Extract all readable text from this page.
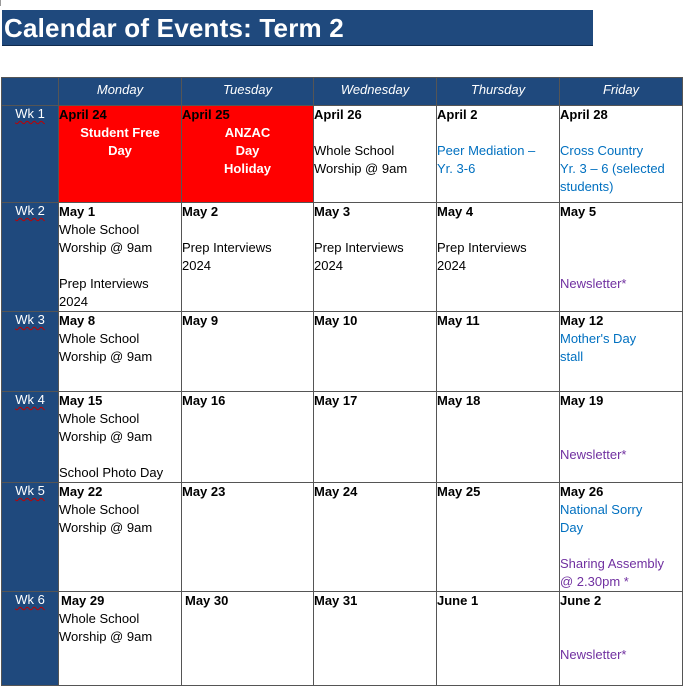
Calendar of Events: Term 2
	Monday	Tuesday	Wednesday	Thursday	Friday
Wk 1	April 24
Student Free
Day	April 25
ANZAC
Day
Holiday	April 26
Whole School
Worship @ 9am	April 2
Peer Mediation –
Yr. 3-6	April 28
Cross Country
Yr. 3 – 6 (selected
students)

Wk 2	May 1
Whole School
Worship @ 9am
Prep Interviews
2024	May 2
Prep Interviews
2024	May 3
Prep Interviews
2024	May 4
Prep Interviews
2024	May 5
Newsletter*

Wk 3	May 8
Whole School
Worship @ 9am	May 9	May 10	May 11	May 12
Mother's Day
stall

Wk 4	May 15
Whole School
Worship @ 9am
School Photo Day	May 16	May 17	May 18	May 19
Newsletter*

Wk 5	May 22
Whole School
Worship @ 9am	May 23	May 24	May 25	May 26
National Sorry
Day
Sharing Assembly
@ 2.30pm *

Wk 6	May 29
Whole School
Worship @ 9am	May 30	May 31	June 1	June 2
Newsletter*
